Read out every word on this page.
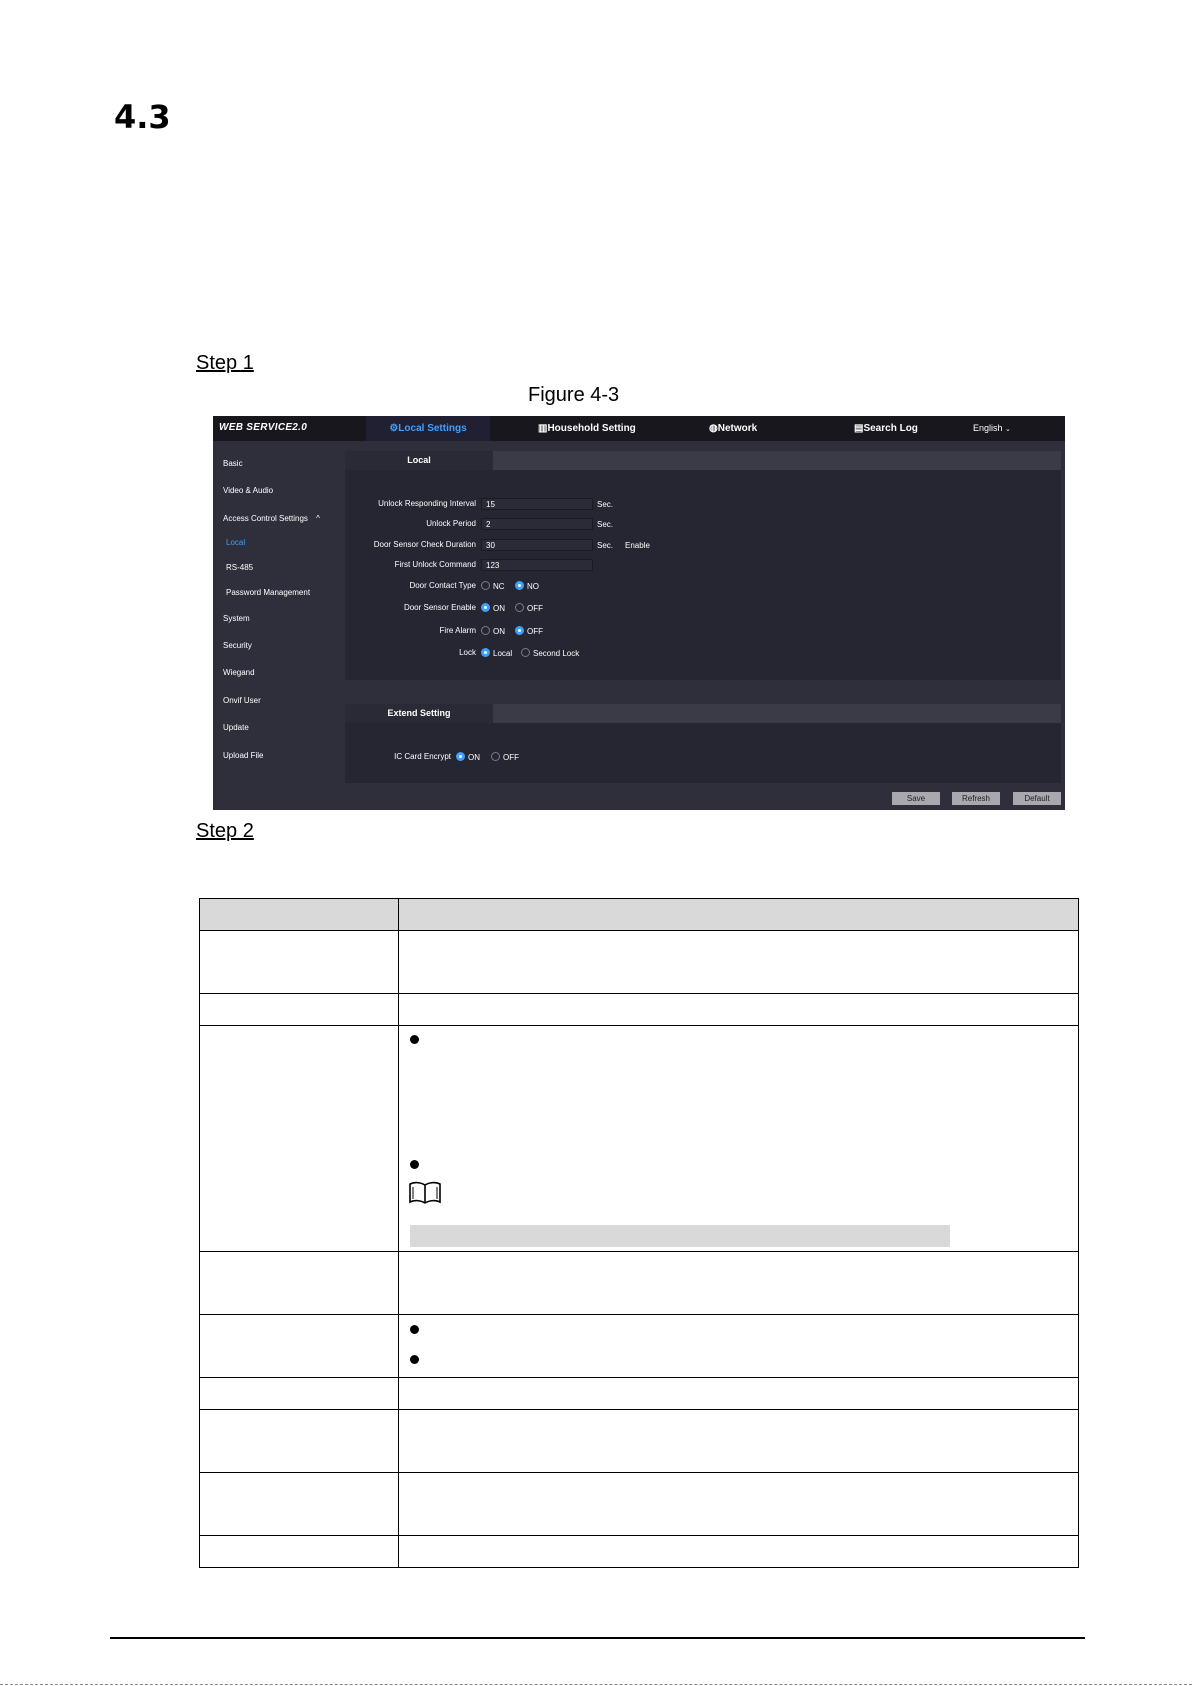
4.3
Step 1
Figure 4-3
WEB SERVICE2.0	⚙Local Settings	▥Household Setting	◍Network	▤Search Log	English ⌄
Basic
Video & Audio
Access Control Settings ^
Local
RS-485
Password Management
System
Security
Wiegand
Onvif User
Update
Upload File
Local
Unlock Responding Interval	15	Sec.
Unlock Period	2	Sec.
Door Sensor Check Duration	30	Sec. Enable
First Unlock Command	123
Door Contact Type NC	NO
Door Sensor Enable ON	OFF
Fire Alarm ON	OFF
Lock Local	Second Lock
Extend Setting
IC Card Encrypt ON	OFF
Save	Refresh	Default
Step 2
